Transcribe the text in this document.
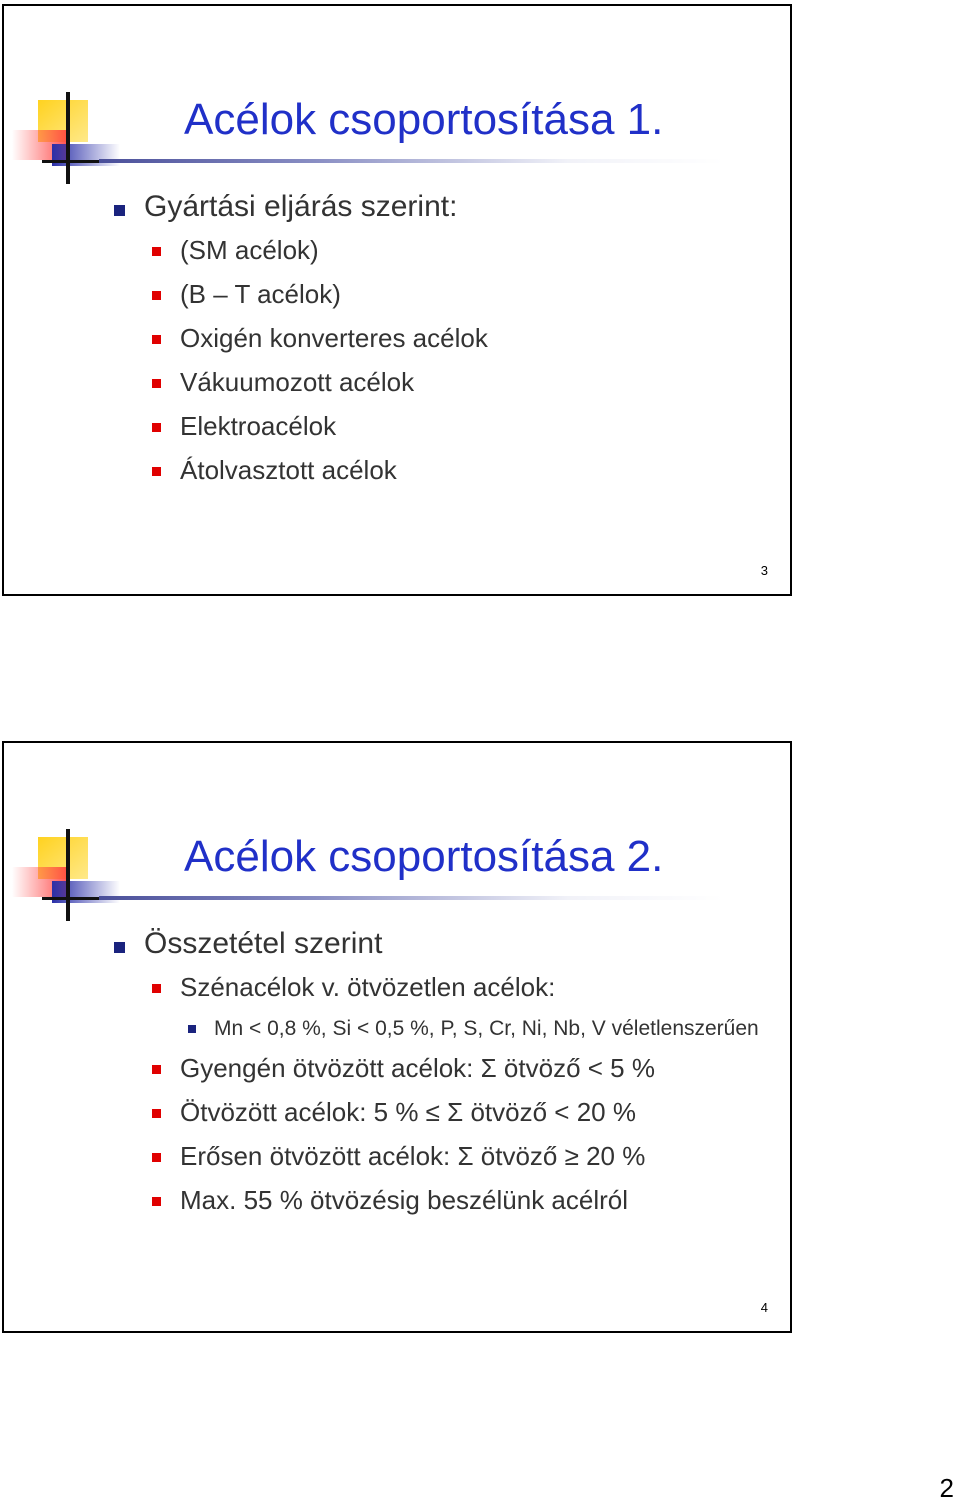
Acélok csoportosítása 1.
Gyártási eljárás szerint:
(SM acélok)
(B – T acélok)
Oxigén konverteres acélok
Vákuumozott acélok
Elektroacélok
Átolvasztott acélok
3
Acélok csoportosítása 2.
Összetétel szerint
Szénacélok v. ötvözetlen acélok:
Mn < 0,8 %, Si < 0,5 %, P, S, Cr, Ni, Nb, V véletlenszerűen
Gyengén ötvözött acélok: Σ ötvöző < 5 %
Ötvözött acélok: 5 % ≤ Σ ötvöző < 20 %
Erősen ötvözött acélok: Σ ötvöző ≥ 20 %
Max. 55 % ötvözésig beszélünk acélról
4
2
